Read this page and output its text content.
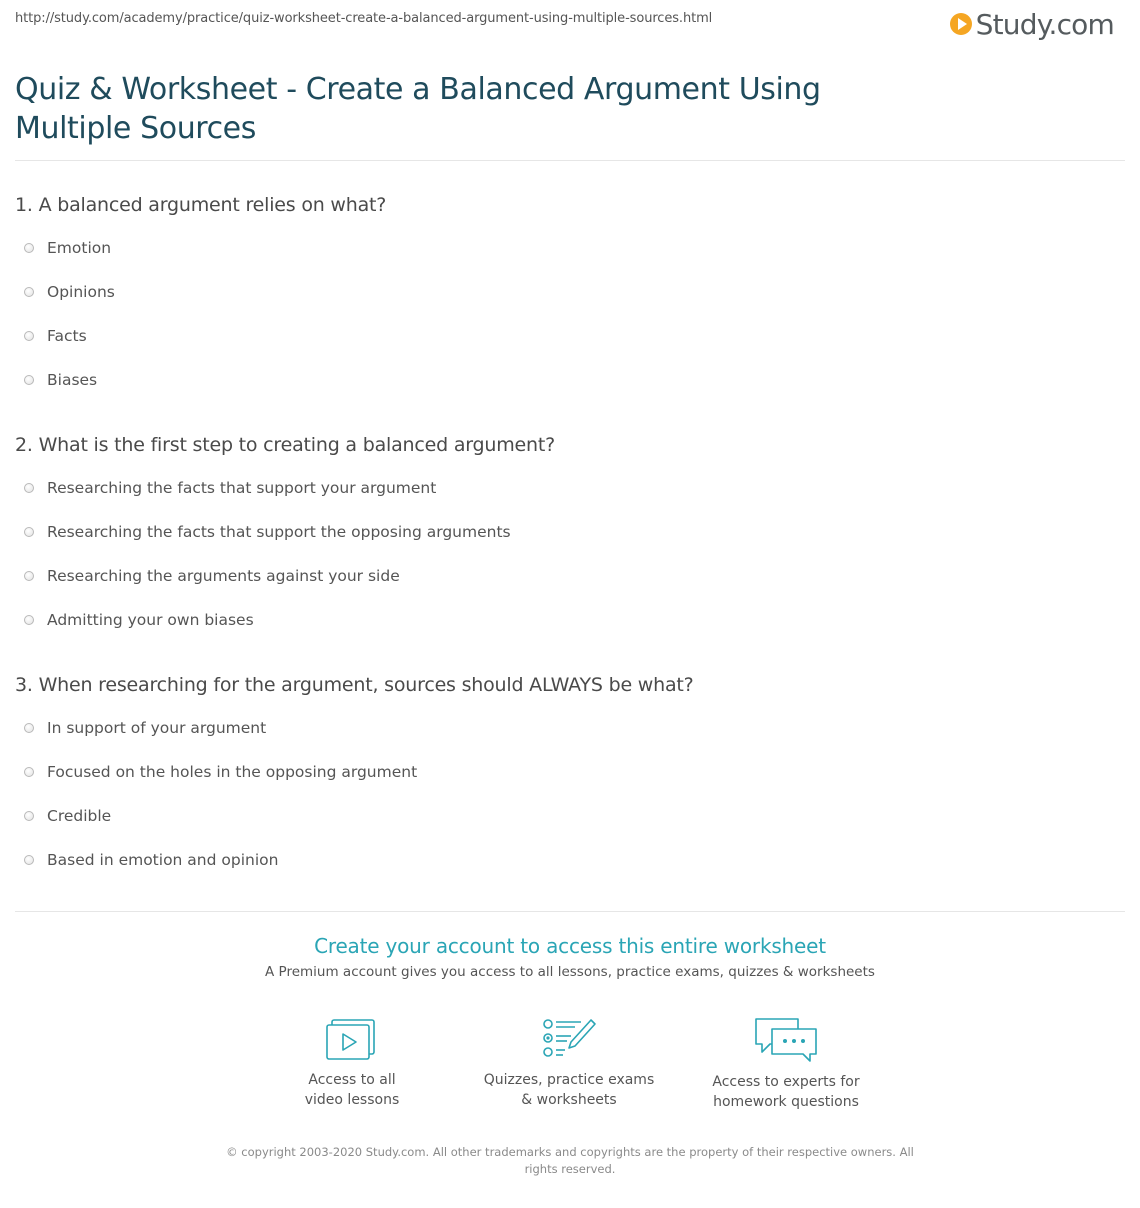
http://study.com/academy/practice/quiz-worksheet-create-a-balanced-argument-using-multiple-sources.html	Study.com
Quiz & Worksheet - Create a Balanced Argument Using Multiple Sources
1. A balanced argument relies on what?
Emotion
Opinions
Facts
Biases
2. What is the first step to creating a balanced argument?
Researching the facts that support your argument
Researching the facts that support the opposing arguments
Researching the arguments against your side
Admitting your own biases
3. When researching for the argument, sources should ALWAYS be what?
In support of your argument
Focused on the holes in the opposing argument
Credible
Based in emotion and opinion
Create your account to access this entire worksheet
A Premium account gives you access to all lessons, practice exams, quizzes & worksheets
Access to all
video lessons
Quizzes, practice exams
& worksheets
Access to experts for
homework questions
© copyright 2003-2020 Study.com. All other trademarks and copyrights are the property of their respective owners. All rights reserved.
